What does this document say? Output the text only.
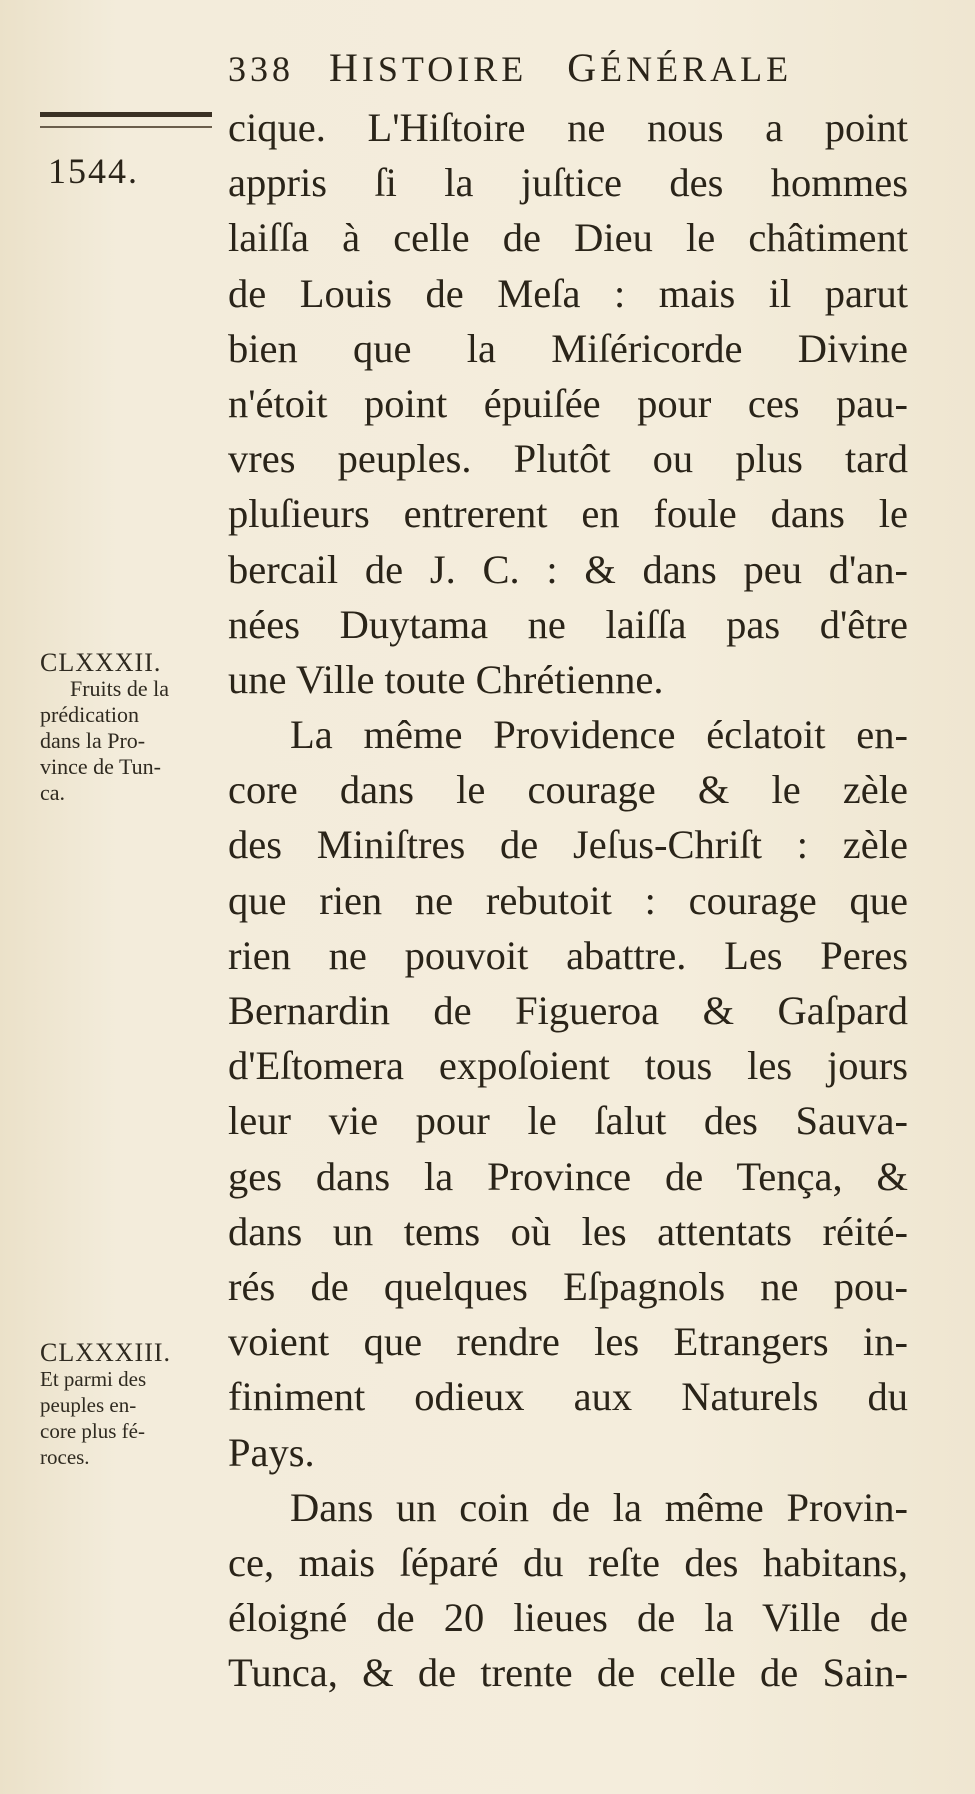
338 HISTOIRE GÉNÉRALE
1544.
CLXXXII.
Fruits de la
prédication
dans la Pro-
vince de Tun-
ca.
CLXXXIII.
Et parmi des
peuples en-
core plus fé-
roces.
cique. L'Hiſtoire ne nous a point
appris ſi la juſtice des hommes
laiſſa à celle de Dieu le châtiment
de Louis de Meſa : mais il parut
bien que la Miſéricorde Divine
n'étoit point épuiſée pour ces pau-
vres peuples. Plutôt ou plus tard
pluſieurs entrerent en foule dans le
bercail de J. C. : & dans peu d'an-
nées Duytama ne laiſſa pas d'être
une Ville toute Chrétienne.
La même Providence éclatoit en-
core dans le courage & le zèle
des Miniſtres de Jeſus-Chriſt : zèle
que rien ne rebutoit : courage que
rien ne pouvoit abattre. Les Peres
Bernardin de Figueroa & Gaſpard
d'Eſtomera expoſoient tous les jours
leur vie pour le ſalut des Sauva-
ges dans la Province de Tença, &
dans un tems où les attentats réité-
rés de quelques Eſpagnols ne pou-
voient que rendre les Etrangers in-
finiment odieux aux Naturels du
Pays.
Dans un coin de la même Provin-
ce, mais ſéparé du reſte des habitans,
éloigné de 20 lieues de la Ville de
Tunca, & de trente de celle de Sain-
